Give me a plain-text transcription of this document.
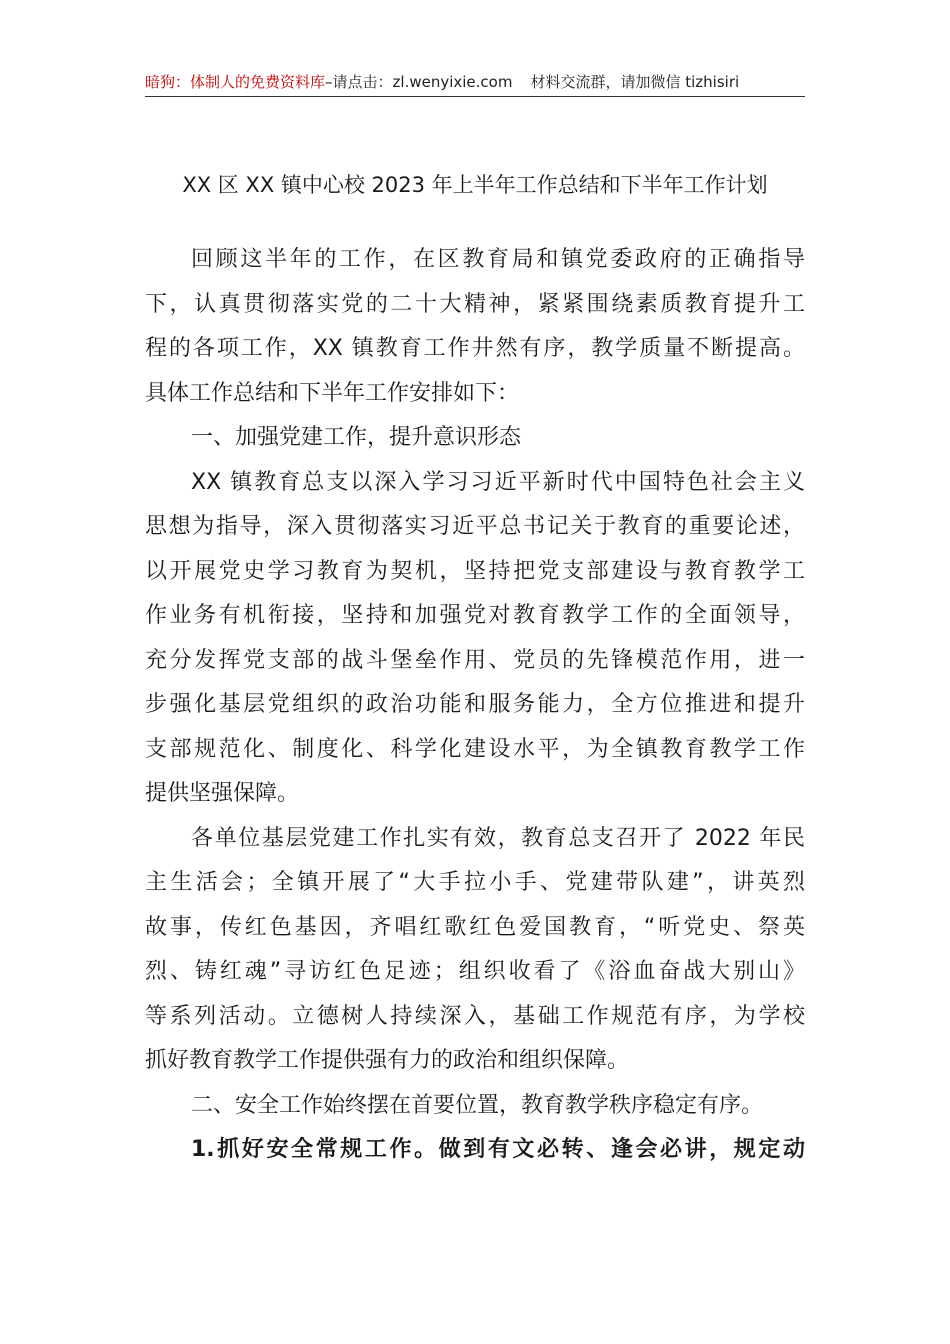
暗狗：体制人的免费资料库–请点击：zl.wenyixie.com 材料交流群，请加微信 tizhisiri
XX 区 XX 镇中心校 2023 年上半年工作总结和下半年工作计划
回顾这半年的工作，在区教育局和镇党委政府的正确指导
下，认真贯彻落实党的二十大精神，紧紧围绕素质教育提升工
程的各项工作，XX 镇教育工作井然有序，教学质量不断提高。
具体工作总结和下半年工作安排如下：
一、加强党建工作，提升意识形态
XX 镇教育总支以深入学习习近平新时代中国特色社会主义
思想为指导，深入贯彻落实习近平总书记关于教育的重要论述，
以开展党史学习教育为契机，坚持把党支部建设与教育教学工
作业务有机衔接，坚持和加强党对教育教学工作的全面领导，
充分发挥党支部的战斗堡垒作用、党员的先锋模范作用，进一
步强化基层党组织的政治功能和服务能力，全方位推进和提升
支部规范化、制度化、科学化建设水平，为全镇教育教学工作
提供坚强保障。
各单位基层党建工作扎实有效，教育总支召开了 2022 年民
主生活会；全镇开展了“大手拉小手、党建带队建”，讲英烈
故事，传红色基因，齐唱红歌红色爱国教育，“听党史、祭英
烈、铸红魂”寻访红色足迹；组织收看了《浴血奋战大别山》
等系列活动。立德树人持续深入，基础工作规范有序，为学校
抓好教育教学工作提供强有力的政治和组织保障。
二、安全工作始终摆在首要位置，教育教学秩序稳定有序。
1.抓好安全常规工作。做到有文必转、逢会必讲，规定动
